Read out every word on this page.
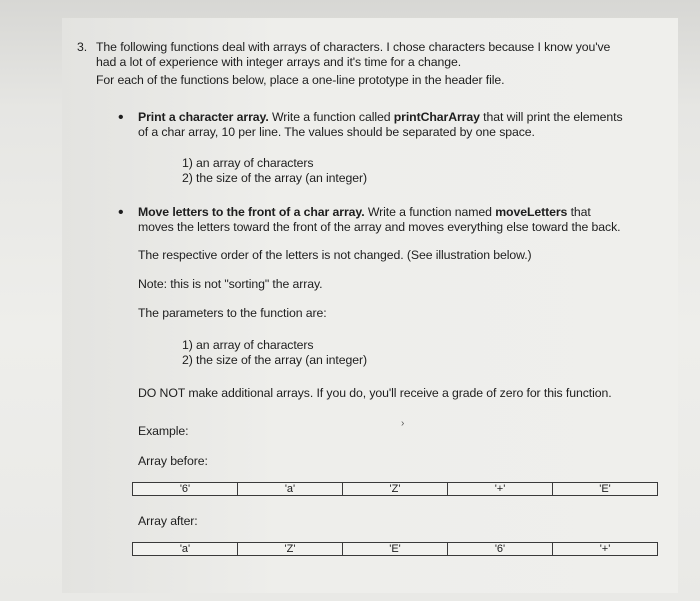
3. The following functions deal with arrays of characters. I chose characters because I know you've
had a lot of experience with integer arrays and it's time for a change.
For each of the functions below, place a one-line prototype in the header file.
• Print a character array. Write a function called printCharArray that will print the elements
of a char array, 10 per line. The values should be separated by one space.
1) an array of characters
2) the size of the array (an integer)
• Move letters to the front of a char array. Write a function named moveLetters that
moves the letters toward the front of the array and moves everything else toward the back.
The respective order of the letters is not changed. (See illustration below.)
Note: this is not "sorting" the array.
The parameters to the function are:
1) an array of characters
2) the size of the array (an integer)
DO NOT make additional arrays. If you do, you'll receive a grade of zero for this function.
›
Example:
Array before:
'6'	'a'	'Z'	'+'	'E'
Array after:
'a'	'Z'	'E'	'6'	'+'
